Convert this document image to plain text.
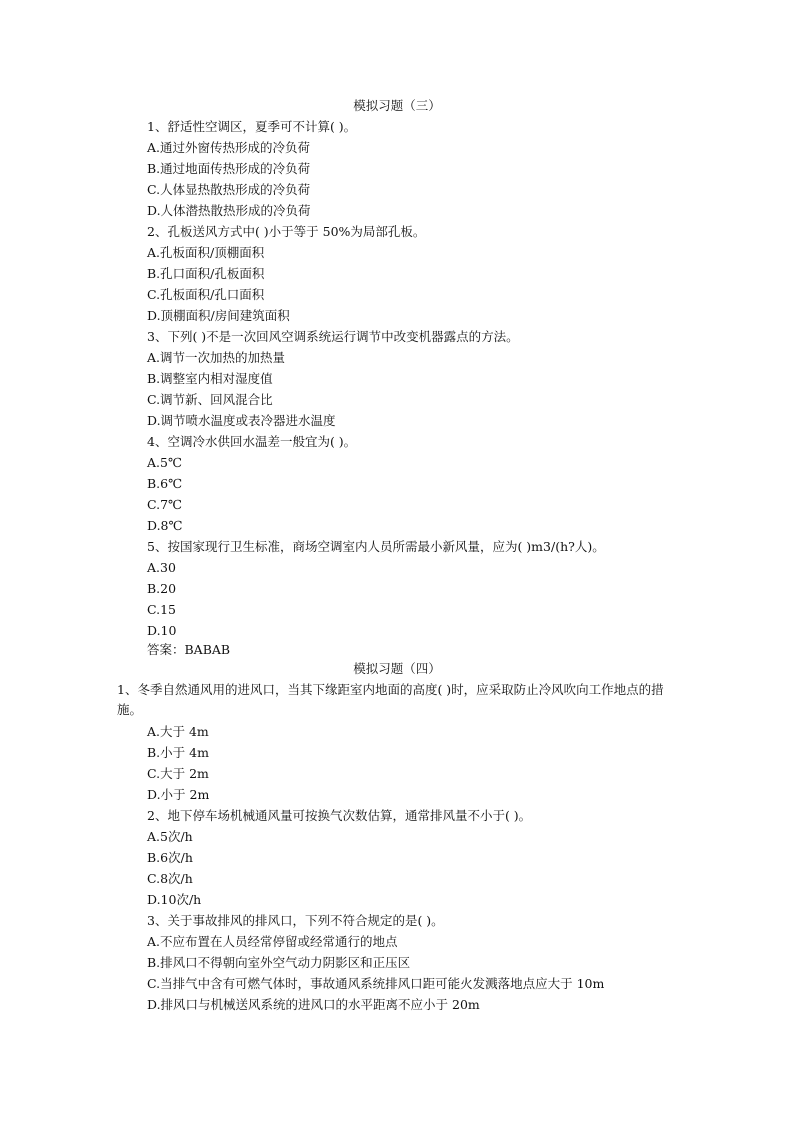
模拟习题（三）
1、舒适性空调区，夏季可不计算( )。
A.通过外窗传热形成的冷负荷
B.通过地面传热形成的冷负荷
C.人体显热散热形成的冷负荷
D.人体潜热散热形成的冷负荷
2、孔板送风方式中( )小于等于 50%为局部孔板。
A.孔板面积/顶棚面积
B.孔口面积/孔板面积
C.孔板面积/孔口面积
D.顶棚面积/房间建筑面积
3、下列( )不是一次回风空调系统运行调节中改变机器露点的方法。
A.调节一次加热的加热量
B.调整室内相对湿度值
C.调节新、回风混合比
D.调节喷水温度或表冷器进水温度
4、空调冷水供回水温差一般宜为( )。
A.5℃
B.6℃
C.7℃
D.8℃
5、按国家现行卫生标准，商场空调室内人员所需最小新风量，应为( )m3/(h?人)。
A.30
B.20
C.15
D.10
答案：BABAB
模拟习题（四）
1、冬季自然通风用的进风口，当其下缘距室内地面的高度( )时，应采取防止冷风吹向工作地点的措施。
A.大于 4m
B.小于 4m
C.大于 2m
D.小于 2m
2、地下停车场机械通风量可按换气次数估算，通常排风量不小于( )。
A.5次/h
B.6次/h
C.8次/h
D.10次/h
3、关于事故排风的排风口，下列不符合规定的是( )。
A.不应布置在人员经常停留或经常通行的地点
B.排风口不得朝向室外空气动力阴影区和正压区
C.当排气中含有可燃气体时，事故通风系统排风口距可能火发溅落地点应大于 10m
D.排风口与机械送风系统的进风口的水平距离不应小于 20m
